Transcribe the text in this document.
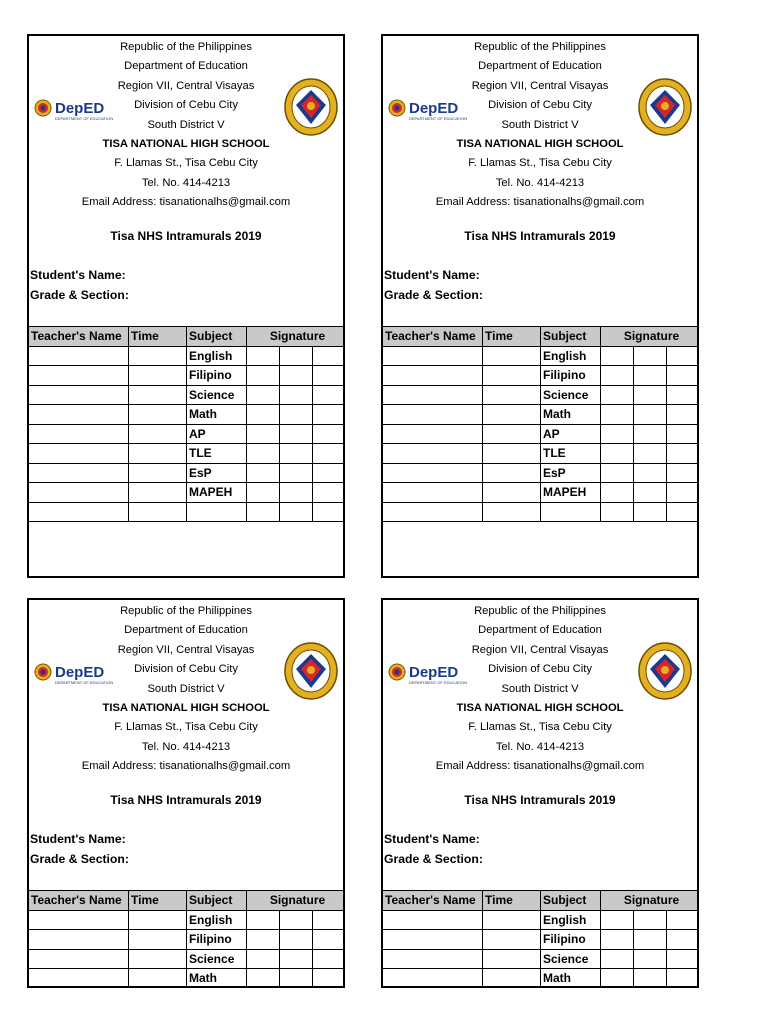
DepED
DEPARTMENT OF EDUCATION
Republic of the Philippines
Department of Education
Region VII, Central Visayas
Division of Cebu City
South District V
TISA NATIONAL HIGH SCHOOL
F. Llamas St., Tisa Cebu City
Tel. No. 414-4213
Email Address: tisanationalhs@gmail.com
Tisa NHS Intramurals 2019
Student's Name:
Grade & Section:
Teacher's Name	Time	Subject	Signature		
		English			
		Filipino			
		Science			
		Math			
		AP			
		TLE			
		EsP			
		MAPEH			

DepED
DEPARTMENT OF EDUCATION
Republic of the Philippines
Department of Education
Region VII, Central Visayas
Division of Cebu City
South District V
TISA NATIONAL HIGH SCHOOL
F. Llamas St., Tisa Cebu City
Tel. No. 414-4213
Email Address: tisanationalhs@gmail.com
Tisa NHS Intramurals 2019
Student's Name:
Grade & Section:
Teacher's Name	Time	Subject	Signature		
		English			
		Filipino			
		Science			
		Math			
		AP			
		TLE			
		EsP			
		MAPEH			

DepED
DEPARTMENT OF EDUCATION
Republic of the Philippines
Department of Education
Region VII, Central Visayas
Division of Cebu City
South District V
TISA NATIONAL HIGH SCHOOL
F. Llamas St., Tisa Cebu City
Tel. No. 414-4213
Email Address: tisanationalhs@gmail.com
Tisa NHS Intramurals 2019
Student's Name:
Grade & Section:
Teacher's Name	Time	Subject	Signature		
		English			
		Filipino			
		Science			
		Math			
DepED
DEPARTMENT OF EDUCATION
Republic of the Philippines
Department of Education
Region VII, Central Visayas
Division of Cebu City
South District V
TISA NATIONAL HIGH SCHOOL
F. Llamas St., Tisa Cebu City
Tel. No. 414-4213
Email Address: tisanationalhs@gmail.com
Tisa NHS Intramurals 2019
Student's Name:
Grade & Section:
Teacher's Name	Time	Subject	Signature		
		English			
		Filipino			
		Science			
		Math			
